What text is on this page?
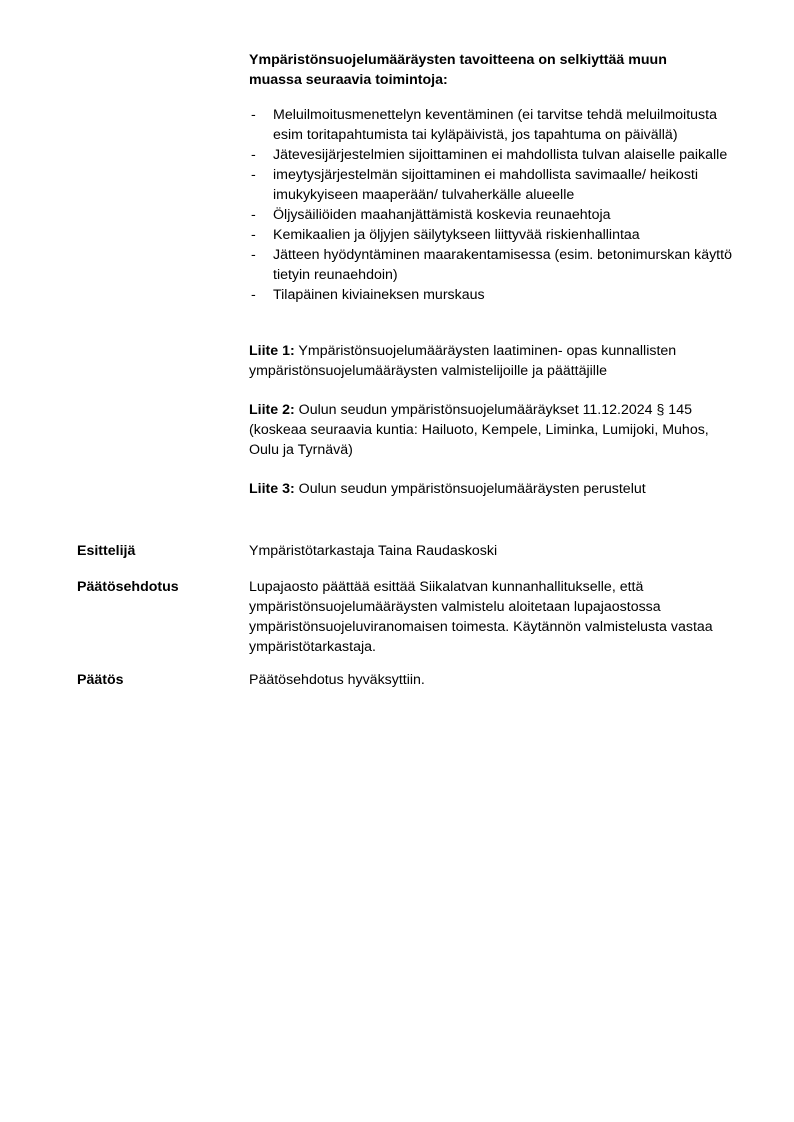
Ympäristönsuojelumääräysten tavoitteena on selkiyttää muun
muassa seuraavia toimintoja:

- Meluilmoitusmenettelyn keventäminen (ei tarvitse tehdä meluilmoitusta esim toritapahtumista tai kyläpäivistä, jos tapahtuma on päivällä)
- Jätevesijärjestelmien sijoittaminen ei mahdollista tulvan alaiselle paikalle
- imeytysjärjestelmän sijoittaminen ei mahdollista savimaalle/ heikosti imukykyiseen maaperään/ tulvaherkälle alueelle
- Öljysäiliöiden maahanjättämistä koskevia reunaehtoja
- Kemikaalien ja öljyjen säilytykseen liittyvää riskienhallintaa
- Jätteen hyödyntäminen maarakentamisessa (esim. betonimurskan käyttö tietyin reunaehdoin)
- Tilapäinen kiviaineksen murskaus

Liite 1: Ympäristönsuojelumääräysten laatiminen- opas kunnallisten ympäristönsuojelumääräysten valmistelijoille ja päättäjille

Liite 2: Oulun seudun ympäristönsuojelumääräykset 11.12.2024 § 145 (koskeaa seuraavia kuntia: Hailuoto, Kempele, Liminka, Lumijoki, Muhos, Oulu ja Tyrnävä)

Liite 3: Oulun seudun ympäristönsuojelumääräysten perustelut

Esittelijä	Ympäristötarkastaja Taina Raudaskoski
Päätösehdotus	Lupajaosto päättää esittää Siikalatvan kunnanhallitukselle, että ympäristönsuojelumääräysten valmistelu aloitetaan lupajaostossa ympäristönsuojeluviranomaisen toimesta. Käytännön valmistelusta vastaa ympäristötarkastaja.
Päätös	Päätösehdotus hyväksyttiin.
